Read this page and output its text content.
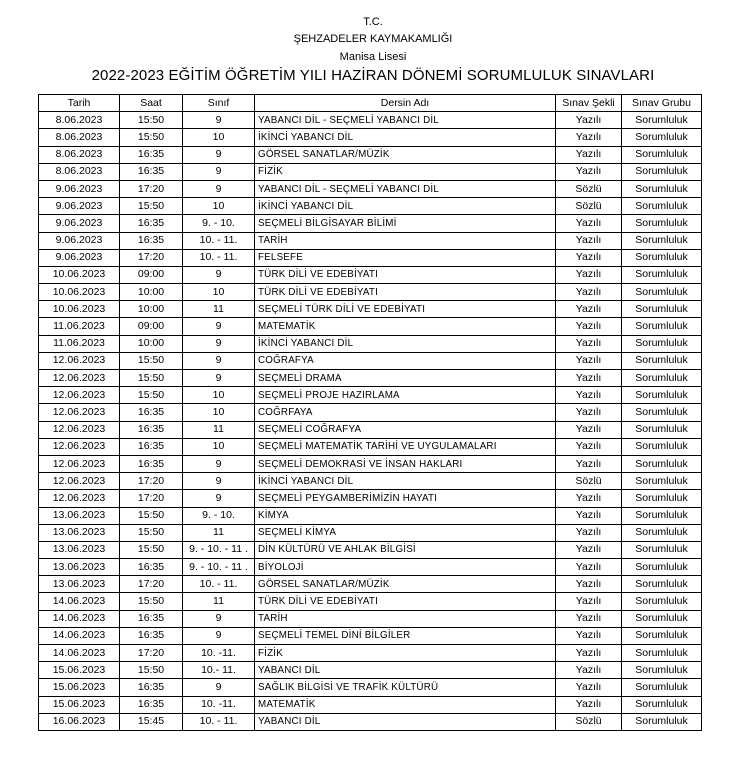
T.C.
ŞEHZADELER KAYMAKAMLIĞI
Manisa Lisesi
2022-2023 EĞİTİM ÖĞRETİM YILI HAZİRAN DÖNEMİ SORUMLULUK SINAVLARI
Tarih	Saat	Sınıf	Dersin Adı	Sınav Şekli	Sınav Grubu
8.06.2023	15:50	9	YABANCI DİL - SEÇMELİ YABANCI DİL	Yazılı	Sorumluluk
8.06.2023	15:50	10	İKİNCİ YABANCI DİL	Yazılı	Sorumluluk
8.06.2023	16:35	9	GÖRSEL SANATLAR/MÜZİK	Yazılı	Sorumluluk
8.06.2023	16:35	9	FİZİK	Yazılı	Sorumluluk
9.06.2023	17:20	9	YABANCI DİL - SEÇMELİ YABANCI DİL	Sözlü	Sorumluluk
9.06.2023	15:50	10	İKİNCİ YABANCI DİL	Sözlü	Sorumluluk
9.06.2023	16:35	9. - 10.	SEÇMELİ BİLGİSAYAR BİLİMİ	Yazılı	Sorumluluk
9.06.2023	16:35	10. - 11.	TARİH	Yazılı	Sorumluluk
9.06.2023	17:20	10. - 11.	FELSEFE	Yazılı	Sorumluluk
10.06.2023	09:00	9	TÜRK DİLİ VE EDEBİYATI	Yazılı	Sorumluluk
10.06.2023	10:00	10	TÜRK DİLİ VE EDEBİYATI	Yazılı	Sorumluluk
10.06.2023	10:00	11	SEÇMELİ TÜRK DİLİ VE EDEBİYATI	Yazılı	Sorumluluk
11.06.2023	09:00	9	MATEMATİK	Yazılı	Sorumluluk
11.06.2023	10:00	9	İKİNCİ YABANCI DİL	Yazılı	Sorumluluk
12.06.2023	15:50	9	COĞRAFYA	Yazılı	Sorumluluk
12.06.2023	15:50	9	SEÇMELİ DRAMA	Yazılı	Sorumluluk
12.06.2023	15:50	10	SEÇMELİ PROJE HAZIRLAMA	Yazılı	Sorumluluk
12.06.2023	16:35	10	COĞRFAYA	Yazılı	Sorumluluk
12.06.2023	16:35	11	SEÇMELİ COĞRAFYA	Yazılı	Sorumluluk
12.06.2023	16:35	10	SEÇMELİ MATEMATİK TARİHİ VE UYGULAMALARI	Yazılı	Sorumluluk
12.06.2023	16:35	9	SEÇMELİ DEMOKRASİ VE İNSAN HAKLARI	Yazılı	Sorumluluk
12.06.2023	17:20	9	İKİNCİ YABANCI DİL	Sözlü	Sorumluluk
12.06.2023	17:20	9	SEÇMELİ PEYGAMBERİMİZİN HAYATI	Yazılı	Sorumluluk
13.06.2023	15:50	9. - 10.	KİMYA	Yazılı	Sorumluluk
13.06.2023	15:50	11	SEÇMELİ KİMYA	Yazılı	Sorumluluk
13.06.2023	15:50	9. - 10. - 11 .	DİN KÜLTÜRÜ VE AHLAK BİLGİSİ	Yazılı	Sorumluluk
13.06.2023	16:35	9. - 10. - 11 .	BİYOLOJİ	Yazılı	Sorumluluk
13.06.2023	17:20	10. - 11.	GÖRSEL SANATLAR/MÜZİK	Yazılı	Sorumluluk
14.06.2023	15:50	11	TÜRK DİLİ VE EDEBİYATI	Yazılı	Sorumluluk
14.06.2023	16:35	9	TARİH	Yazılı	Sorumluluk
14.06.2023	16:35	9	SEÇMELİ TEMEL DİNİ BİLGİLER	Yazılı	Sorumluluk
14.06.2023	17:20	10. -11.	FİZİK	Yazılı	Sorumluluk
15.06.2023	15:50	10.- 11.	YABANCI DİL	Yazılı	Sorumluluk
15.06.2023	16:35	9	SAĞLIK BİLGİSİ VE TRAFİK KÜLTÜRÜ	Yazılı	Sorumluluk
15.06.2023	16:35	10. -11.	MATEMATİK	Yazılı	Sorumluluk
16.06.2023	15:45	10. - 11.	YABANCI DİL	Sözlü	Sorumluluk
